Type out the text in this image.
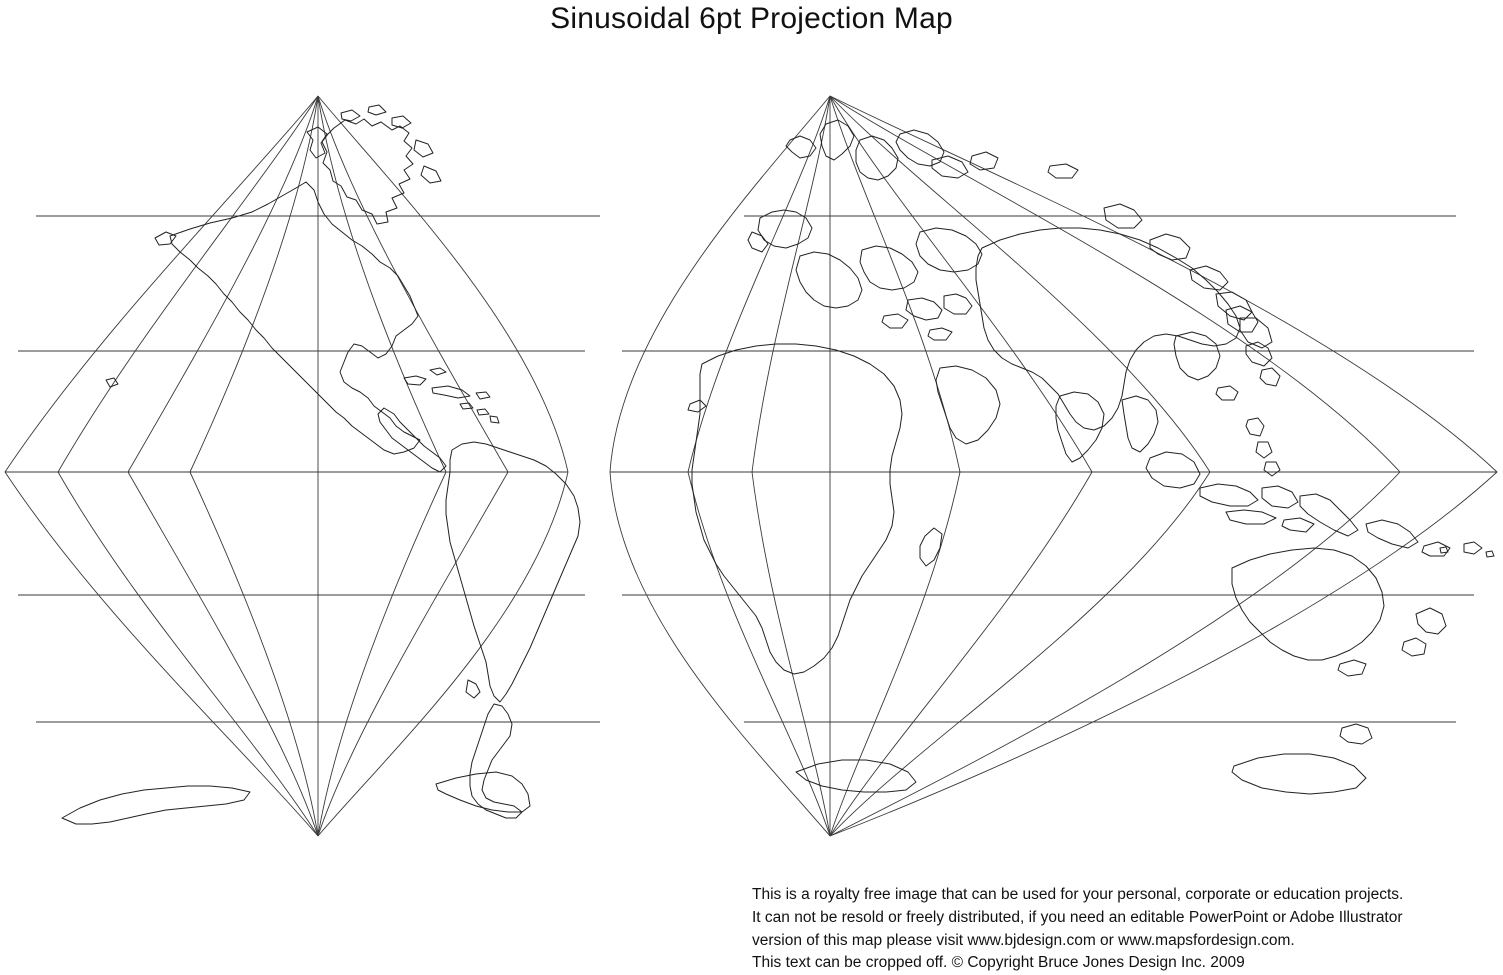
Sinusoidal 6pt Projection Map
This is a royalty free image that can be used for your personal, corporate or education projects.
It can not be resold or freely distributed, if you need an editable PowerPoint or Adobe Illustrator
version of this map please visit www.bjdesign.com or www.mapsfordesign.com.
This text can be cropped off. © Copyright Bruce Jones Design Inc. 2009
